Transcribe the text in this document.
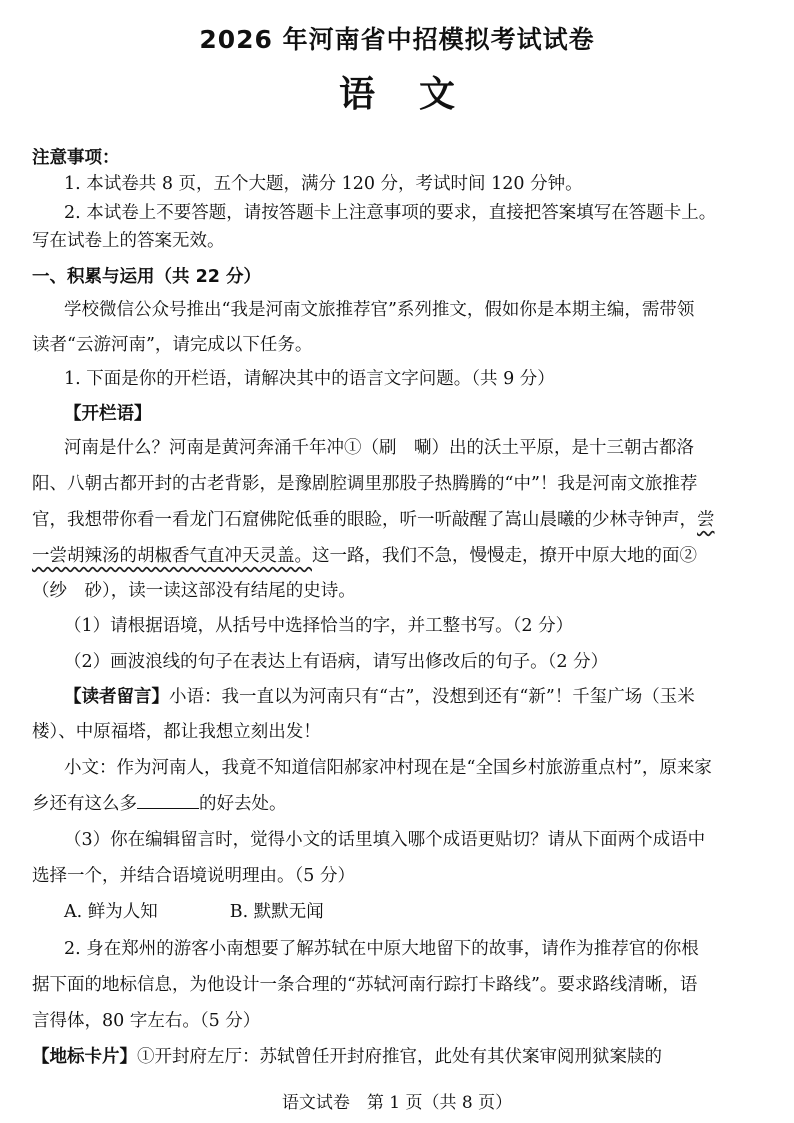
2026 年河南省中招模拟考试试卷
语文
注意事项：
1. 本试卷共 8 页，五个大题，满分 120 分，考试时间 120 分钟。
2. 本试卷上不要答题，请按答题卡上注意事项的要求，直接把答案填写在答题卡上。
写在试卷上的答案无效。
一、积累与运用（共 22 分）
学校微信公众号推出“我是河南文旅推荐官”系列推文，假如你是本期主编，需带领
读者“云游河南”，请完成以下任务。
1. 下面是你的开栏语，请解决其中的语言文字问题。（共 9 分）
【开栏语】
河南是什么？河南是黄河奔涌千年冲①（刷　唰）出的沃土平原，是十三朝古都洛
阳、八朝古都开封的古老背影，是豫剧腔调里那股子热腾腾的“中”！我是河南文旅推荐
官，我想带你看一看龙门石窟佛陀低垂的眼睑，听一听敲醒了嵩山晨曦的少林寺钟声，尝
一尝胡辣汤的胡椒香气直冲天灵盖。这一路，我们不急，慢慢走，撩开中原大地的面②
（纱　砂），读一读这部没有结尾的史诗。
（1）请根据语境，从括号中选择恰当的字，并工整书写。（2 分）
（2）画波浪线的句子在表达上有语病，请写出修改后的句子。（2 分）
【读者留言】小语：我一直以为河南只有“古”，没想到还有“新”！千玺广场（玉米
楼）、中原福塔，都让我想立刻出发！
小文：作为河南人，我竟不知道信阳郝家冲村现在是“全国乡村旅游重点村”，原来家
乡还有这么多	的好去处。
（3）你在编辑留言时，觉得小文的话里填入哪个成语更贴切？请从下面两个成语中
选择一个，并结合语境说明理由。（5 分）
A. 鲜为人知	B. 默默无闻
2. 身在郑州的游客小南想要了解苏轼在中原大地留下的故事，请作为推荐官的你根
据下面的地标信息，为他设计一条合理的“苏轼河南行踪打卡路线”。要求路线清晰，语
言得体，80 字左右。（5 分）
【地标卡片】①开封府左厅：苏轼曾任开封府推官，此处有其伏案审阅刑狱案牍的
语文试卷　第 1 页（共 8 页）
